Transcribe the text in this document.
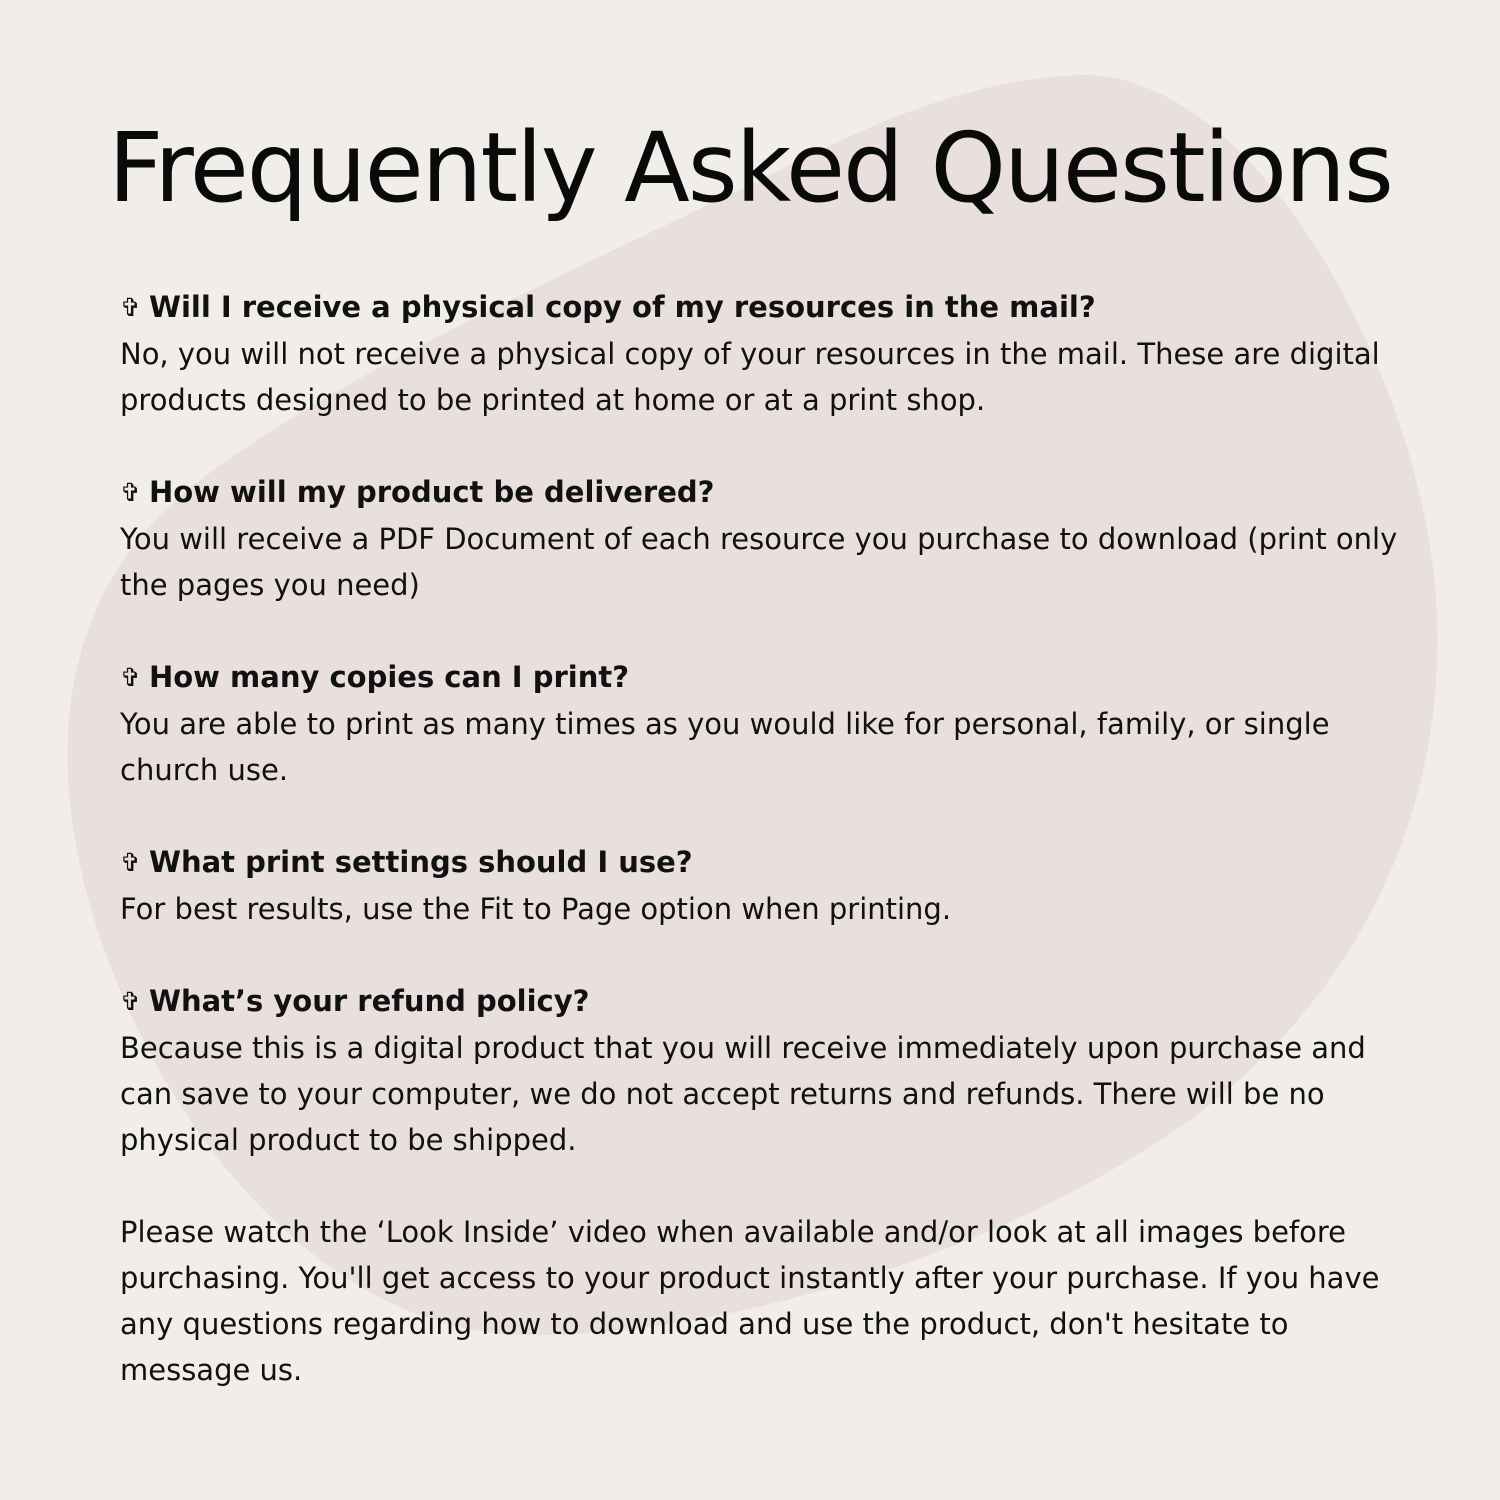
Frequently Asked Questions

✞ Will I receive a physical copy of my resources in the mail?

No, you will not receive a physical copy of your resources in the mail. These are digital products designed to be printed at home or at a print shop.

✞ How will my product be delivered?

You will receive a PDF Document of each resource you purchase to download (print only the pages you need)

✞ How many copies can I print?

You are able to print as many times as you would like for personal, family, or single church use.

✞ What print settings should I use?

For best results, use the Fit to Page option when printing.

✞ What’s your refund policy?

Because this is a digital product that you will receive immediately upon purchase and can save to your computer, we do not accept returns and refunds. There will be no physical product to be shipped.

Please watch the ‘Look Inside’ video when available and/or look at all images before purchasing. You'll get access to your product instantly after your purchase. If you have any questions regarding how to download and use the product, don't hesitate to message us.
